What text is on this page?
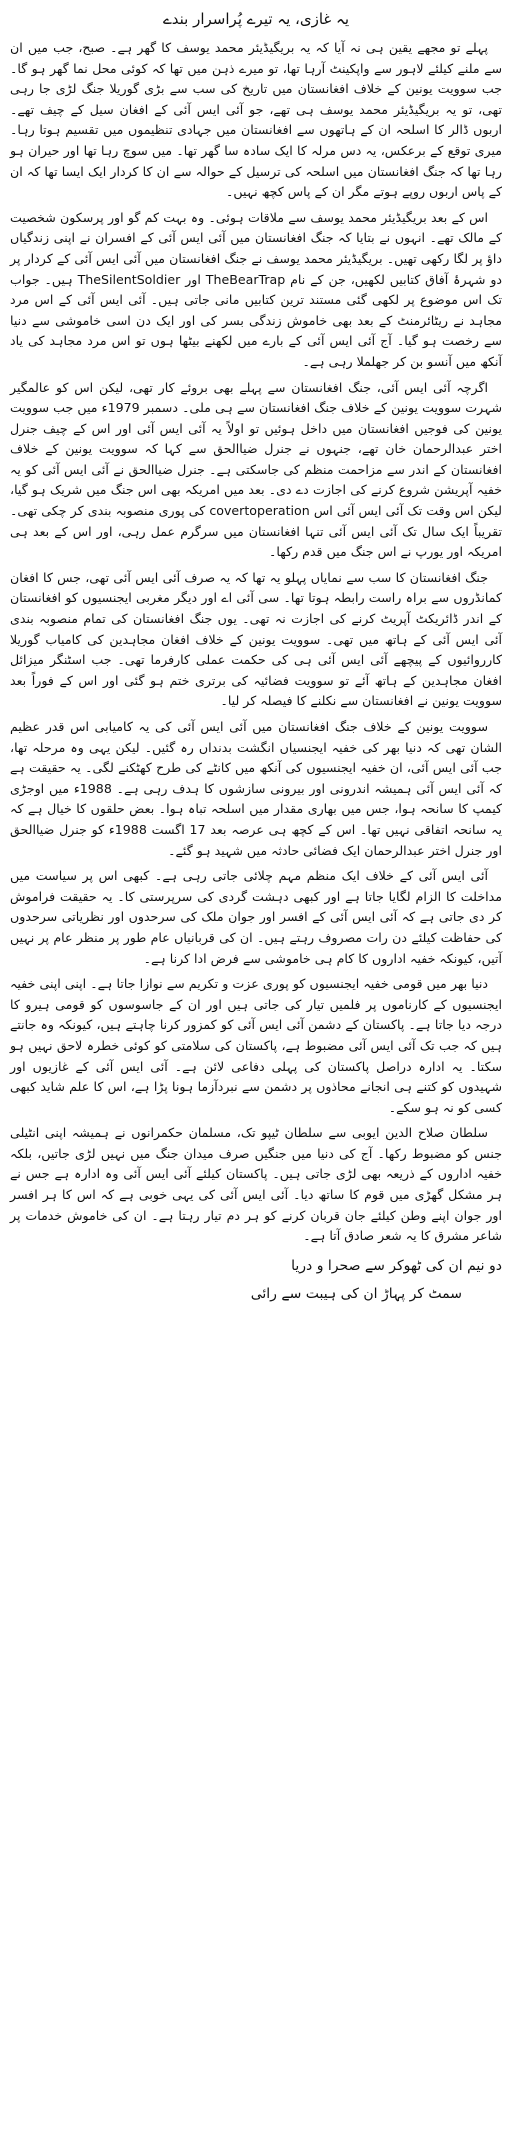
یہ غازی، یہ تیرے پُراسرار بندے

پہلے تو مجھے یقین ہی نہ آیا کہ یہ بریگیڈیئر محمد یوسف کا گھر ہے۔ صبح، جب میں ان سے ملنے کیلئے لاہور سے واپکینٹ آرہا تھا، تو میرے ذہن میں تھا کہ کوئی محل نما گھر ہو گا۔ جب سوویت یونین کے خلاف افغانستان میں تاریخ کی سب سے بڑی گوریلا جنگ لڑی جا رہی تھی، تو یہ بریگیڈیئر محمد یوسف ہی تھے، جو آئی ایس آئی کے افغان سیل کے چیف تھے۔ اربوں ڈالر کا اسلحہ ان کے ہاتھوں سے افغانستان میں جہادی تنظیموں میں تقسیم ہوتا رہا۔ میری توقع کے برعکس، یہ دس مرلہ کا ایک سادہ سا گھر تھا۔ میں سوچ رہا تھا اور حیران ہو رہا تھا کہ جنگ افغانستان میں اسلحہ کی ترسیل کے حوالہ سے ان کا کردار ایک ایسا تھا کہ ان کے پاس اربوں روپے ہوتے مگر ان کے پاس کچھ نہیں۔

اس کے بعد بریگیڈیئر محمد یوسف سے ملاقات ہوئی۔ وہ بہت کم گو اور پرسکون شخصیت کے مالک تھے۔ انہوں نے بتایا کہ جنگ افغانستان میں آئی ایس آئی کے افسران نے اپنی زندگیاں داؤ پر لگا رکھی تھیں۔ بریگیڈیئر محمد یوسف نے جنگ افغانستان میں آئی ایس آئی کے کردار پر دو شہرۂ آفاق کتابیں لکھیں، جن کے نام TheBearTrap اور TheSilentSoldier ہیں۔ جواب تک اس موضوع پر لکھی گئی مستند ترین کتابیں مانی جاتی ہیں۔ آئی ایس آئی کے اس مرد مجاہد نے ریٹائرمنٹ کے بعد بھی خاموش زندگی بسر کی اور ایک دن اسی خاموشی سے دنیا سے رخصت ہو گیا۔ آج آئی ایس آئی کے بارے میں لکھنے بیٹھا ہوں تو اس مرد مجاہد کی یاد آنکھ میں آنسو بن کر جھلملا رہی ہے۔

اگرچہ آئی ایس آئی، جنگ افغانستان سے پہلے بھی بروئے کار تھی، لیکن اس کو عالمگیر شہرت سوویت یونین کے خلاف جنگ افغانستان سے ہی ملی۔ دسمبر 1979ء میں جب سوویت یونین کی فوجیں افغانستان میں داخل ہوئیں تو اولاً یہ آئی ایس آئی اور اس کے چیف جنرل اختر عبدالرحمان خان تھے، جنہوں نے جنرل ضیاالحق سے کہا کہ سوویت یونین کے خلاف افغانستان کے اندر سے مزاحمت منظم کی جاسکتی ہے۔ جنرل ضیاالحق نے آئی ایس آئی کو یہ خفیہ آپریشن شروع کرنے کی اجازت دے دی۔ بعد میں امریکہ بھی اس جنگ میں شریک ہو گیا، لیکن اس وقت تک آئی ایس آئی اس covertoperation کی پوری منصوبہ بندی کر چکی تھی۔ تقریباً ایک سال تک آئی ایس آئی تنہا افغانستان میں سرگرم عمل رہی، اور اس کے بعد ہی امریکہ اور یورپ نے اس جنگ میں قدم رکھا۔

جنگ افغانستان کا سب سے نمایاں پہلو یہ تھا کہ یہ صرف آئی ایس آئی تھی، جس کا افغان کمانڈروں سے براہ راست رابطہ ہوتا تھا۔ سی آئی اے اور دیگر مغربی ایجنسیوں کو افغانستان کے اندر ڈائریکٹ آپریٹ کرنے کی اجازت نہ تھی۔ یوں جنگ افغانستان کی تمام منصوبہ بندی آئی ایس آئی کے ہاتھ میں تھی۔ سوویت یونین کے خلاف افغان مجاہدین کی کامیاب گوریلا کارروائیوں کے پیچھے آئی ایس آئی ہی کی حکمت عملی کارفرما تھی۔ جب اسٹنگر میزائل افغان مجاہدین کے ہاتھ آئے تو سوویت فضائیہ کی برتری ختم ہو گئی اور اس کے فوراً بعد سوویت یونین نے افغانستان سے نکلنے کا فیصلہ کر لیا۔

سوویت یونین کے خلاف جنگ افغانستان میں آئی ایس آئی کی یہ کامیابی اس قدر عظیم الشان تھی کہ دنیا بھر کی خفیہ ایجنسیاں انگشت بدنداں رہ گئیں۔ لیکن یہی وہ مرحلہ تھا، جب آئی ایس آئی، ان خفیہ ایجنسیوں کی آنکھ میں کانٹے کی طرح کھٹکنے لگی۔ یہ حقیقت ہے کہ آئی ایس آئی ہمیشہ اندرونی اور بیرونی سازشوں کا ہدف رہی ہے۔ 1988ء میں اوجڑی کیمپ کا سانحہ ہوا، جس میں بھاری مقدار میں اسلحہ تباہ ہوا۔ بعض حلقوں کا خیال ہے کہ یہ سانحہ اتفاقی نہیں تھا۔ اس کے کچھ ہی عرصہ بعد 17 اگست 1988ء کو جنرل ضیاالحق اور جنرل اختر عبدالرحمان ایک فضائی حادثہ میں شہید ہو گئے۔

آئی ایس آئی کے خلاف ایک منظم مہم چلائی جاتی رہی ہے۔ کبھی اس پر سیاست میں مداخلت کا الزام لگایا جاتا ہے اور کبھی دہشت گردی کی سرپرستی کا۔ یہ حقیقت فراموش کر دی جاتی ہے کہ آئی ایس آئی کے افسر اور جوان ملک کی سرحدوں اور نظریاتی سرحدوں کی حفاظت کیلئے دن رات مصروف رہتے ہیں۔ ان کی قربانیاں عام طور پر منظر عام پر نہیں آتیں، کیونکہ خفیہ اداروں کا کام ہی خاموشی سے فرض ادا کرنا ہے۔

دنیا بھر میں قومی خفیہ ایجنسیوں کو پوری عزت و تکریم سے نوازا جاتا ہے۔ اپنی اپنی خفیہ ایجنسیوں کے کارناموں پر فلمیں تیار کی جاتی ہیں اور ان کے جاسوسوں کو قومی ہیرو کا درجہ دیا جاتا ہے۔ پاکستان کے دشمن آئی ایس آئی کو کمزور کرنا چاہتے ہیں، کیونکہ وہ جانتے ہیں کہ جب تک آئی ایس آئی مضبوط ہے، پاکستان کی سلامتی کو کوئی خطرہ لاحق نہیں ہو سکتا۔ یہ ادارہ دراصل پاکستان کی پہلی دفاعی لائن ہے۔ آئی ایس آئی کے غازیوں اور شہیدوں کو کتنے ہی انجانے محاذوں پر دشمن سے نبردآزما ہونا پڑا ہے، اس کا علم شاید کبھی کسی کو نہ ہو سکے۔

سلطان صلاح الدین ایوبی سے سلطان ٹیپو تک، مسلمان حکمرانوں نے ہمیشہ اپنی انٹیلی جنس کو مضبوط رکھا۔ آج کی دنیا میں جنگیں صرف میدان جنگ میں نہیں لڑی جاتیں، بلکہ خفیہ اداروں کے ذریعہ بھی لڑی جاتی ہیں۔ پاکستان کیلئے آئی ایس آئی وہ ادارہ ہے جس نے ہر مشکل گھڑی میں قوم کا ساتھ دیا۔ آئی ایس آئی کی یہی خوبی ہے کہ اس کا ہر افسر اور جوان اپنے وطن کیلئے جان قربان کرنے کو ہر دم تیار رہتا ہے۔ ان کی خاموش خدمات پر شاعر مشرق کا یہ شعر صادق آتا ہے۔

دو نیم ان کی ٹھوکر سے صحرا و دریا
سمٹ کر پہاڑ ان کی ہیبت سے رائی
